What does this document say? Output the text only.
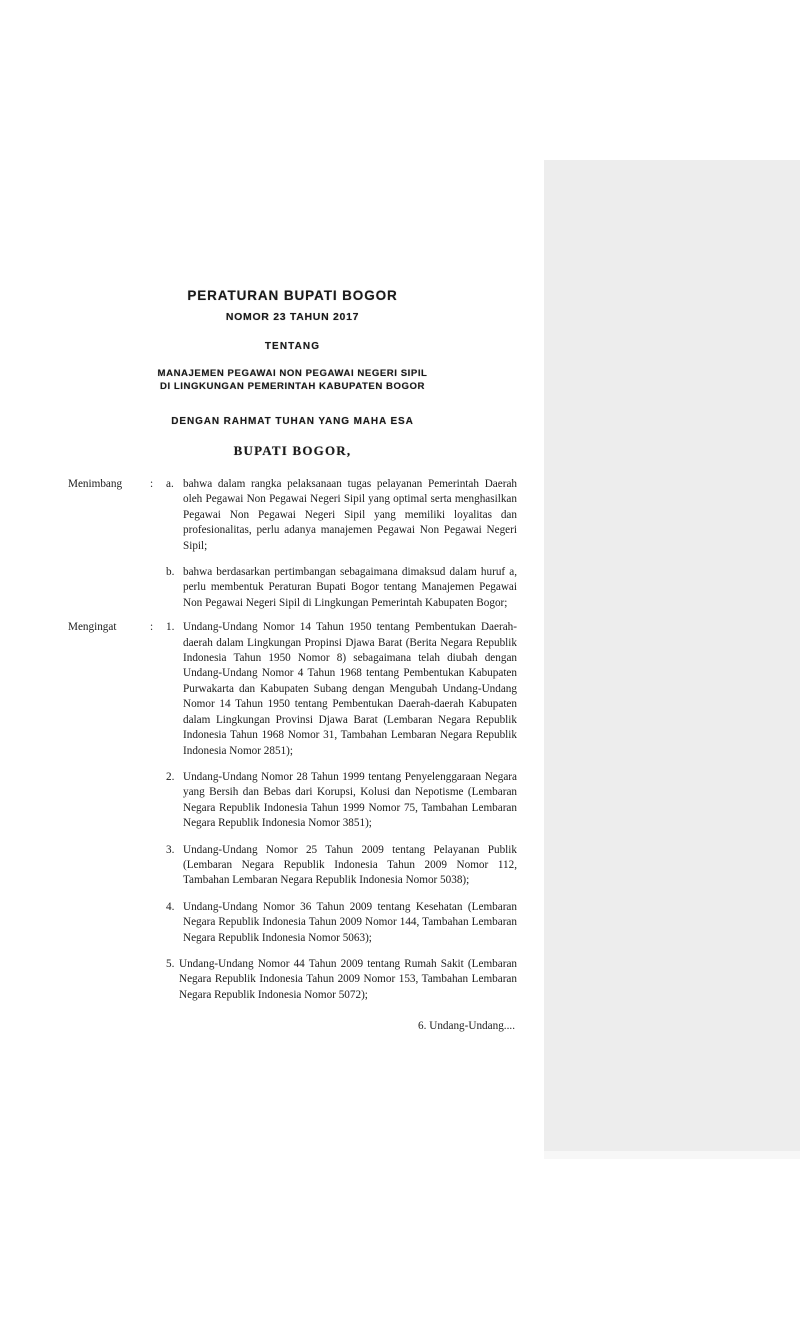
PERATURAN BUPATI BOGOR
NOMOR 23 TAHUN 2017
TENTANG
MANAJEMEN PEGAWAI NON PEGAWAI NEGERI SIPIL
DI LINGKUNGAN PEMERINTAH KABUPATEN BOGOR
DENGAN RAHMAT TUHAN YANG MAHA ESA
BUPATI BOGOR,
Menimbang	:	a. bahwa dalam rangka pelaksanaan tugas pelayanan Pemerintah Daerah oleh Pegawai Non Pegawai Negeri Sipil yang optimal serta menghasilkan Pegawai Non Pegawai Negeri Sipil yang memiliki loyalitas dan profesionalitas, perlu adanya manajemen Pegawai Non Pegawai Negeri Sipil;
b. bahwa berdasarkan pertimbangan sebagaimana dimaksud dalam huruf a, perlu membentuk Peraturan Bupati Bogor tentang Manajemen Pegawai Non Pegawai Negeri Sipil di Lingkungan Pemerintah Kabupaten Bogor;
Mengingat	:	1. Undang-Undang Nomor 14 Tahun 1950 tentang Pembentukan Daerah-daerah dalam Lingkungan Propinsi Djawa Barat (Berita Negara Republik Indonesia Tahun 1950 Nomor 8) sebagaimana telah diubah dengan Undang-Undang Nomor 4 Tahun 1968 tentang Pembentukan Kabupaten Purwakarta dan Kabupaten Subang dengan Mengubah Undang-Undang Nomor 14 Tahun 1950 tentang Pembentukan Daerah-daerah Kabupaten dalam Lingkungan Provinsi Djawa Barat (Lembaran Negara Republik Indonesia Tahun 1968 Nomor 31, Tambahan Lembaran Negara Republik Indonesia Nomor 2851);
2. Undang-Undang Nomor 28 Tahun 1999 tentang Penyelenggaraan Negara yang Bersih dan Bebas dari Korupsi, Kolusi dan Nepotisme (Lembaran Negara Republik Indonesia Tahun 1999 Nomor 75, Tambahan Lembaran Negara Republik Indonesia Nomor 3851);
3. Undang-Undang Nomor 25 Tahun 2009 tentang Pelayanan Publik (Lembaran Negara Republik Indonesia Tahun 2009 Nomor 112, Tambahan Lembaran Negara Republik Indonesia Nomor 5038);
4. Undang-Undang Nomor 36 Tahun 2009 tentang Kesehatan (Lembaran Negara Republik Indonesia Tahun 2009 Nomor 144, Tambahan Lembaran Negara Republik Indonesia Nomor 5063);
5. Undang-Undang Nomor 44 Tahun 2009 tentang Rumah Sakit (Lembaran Negara Republik Indonesia Tahun 2009 Nomor 153, Tambahan Lembaran Negara Republik Indonesia Nomor 5072);
6. Undang-Undang....
